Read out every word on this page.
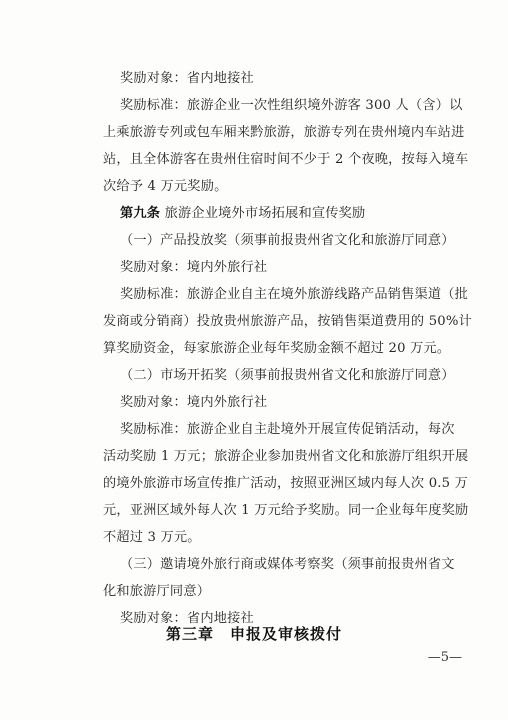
奖励对象：省内地接社
奖励标准：旅游企业一次性组织境外游客 300 人（含）以
上乘旅游专列或包车厢来黔旅游，旅游专列在贵州境内车站进
站，且全体游客在贵州住宿时间不少于 2 个夜晚，按每入境车
次给予 4 万元奖励。
第九条 旅游企业境外市场拓展和宣传奖励
（一）产品投放奖（须事前报贵州省文化和旅游厅同意）
奖励对象：境内外旅行社
奖励标准：旅游企业自主在境外旅游线路产品销售渠道（批
发商或分销商）投放贵州旅游产品，按销售渠道费用的 50%计
算奖励资金，每家旅游企业每年奖励金额不超过 20 万元。
（二）市场开拓奖（须事前报贵州省文化和旅游厅同意）
奖励对象：境内外旅行社
奖励标准：旅游企业自主赴境外开展宣传促销活动，每次
活动奖励 1 万元；旅游企业参加贵州省文化和旅游厅组织开展
的境外旅游市场宣传推广活动，按照亚洲区域内每人次 0.5 万
元，亚洲区域外每人次 1 万元给予奖励。同一企业每年度奖励
不超过 3 万元。
（三）邀请境外旅行商或媒体考察奖（须事前报贵州省文
化和旅游厅同意）
奖励对象：省内地接社
第三章　申报及审核拨付
—5—
